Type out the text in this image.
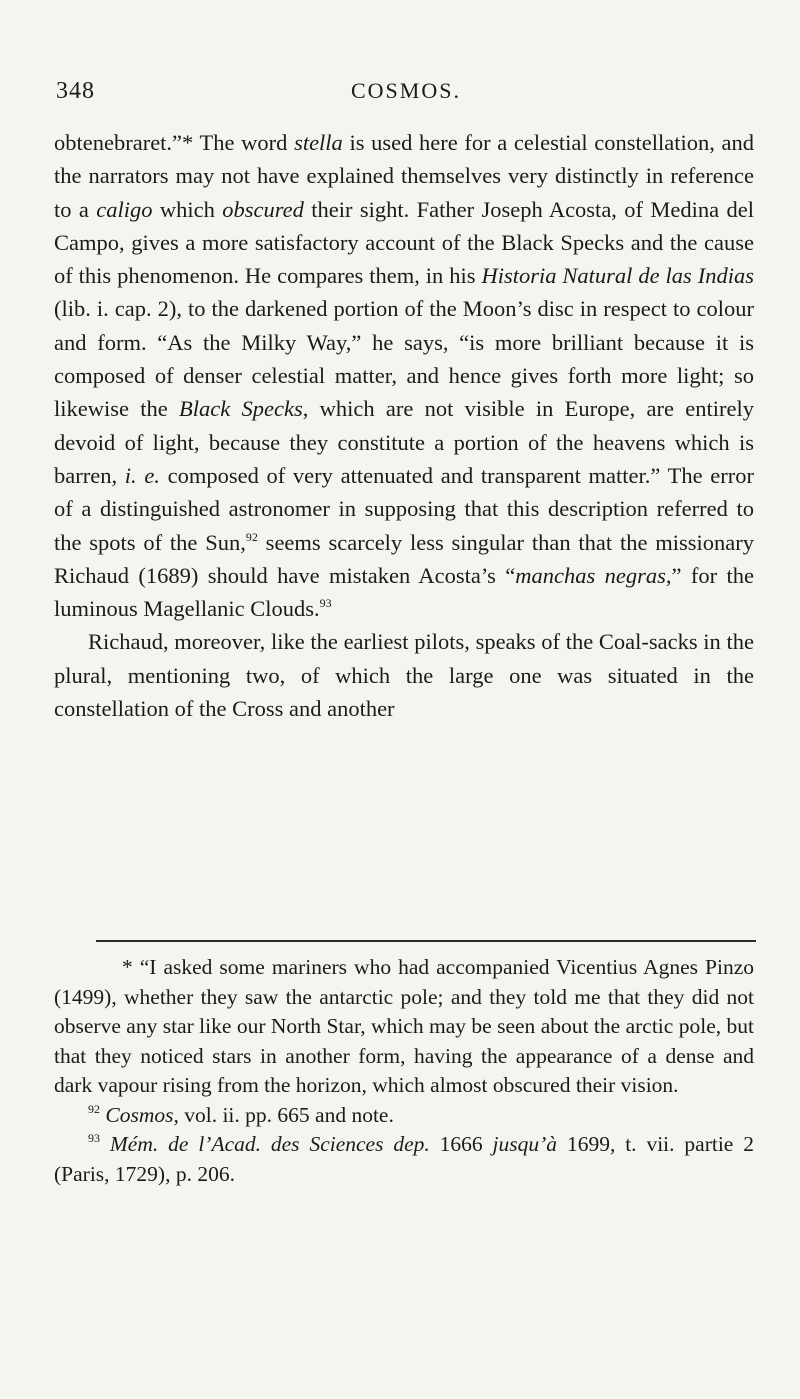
348	COSMOS.

obtenebraret.”* The word stella is used here for a celestial constellation, and the narrators may not have explained themselves very distinctly in reference to a caligo which obscured their sight. Father Joseph Acosta, of Medina del Campo, gives a more satisfactory account of the Black Specks and the cause of this phenomenon. He compares them, in his Historia Natural de las Indias (lib. i. cap. 2), to the darkened portion of the Moon’s disc in respect to colour and form. “As the Milky Way,” he says, “is more brilliant because it is composed of denser celestial matter, and hence gives forth more light; so likewise the Black Specks, which are not visible in Europe, are entirely devoid of light, because they constitute a portion of the heavens which is barren, i. e. composed of very attenuated and transparent matter.” The error of a distinguished astronomer in supposing that this description referred to the spots of the Sun,$^{92}$ seems scarcely less singular than that the missionary Richaud (1689) should have mistaken Acosta’s “manchas negras,” for the luminous Magellanic Clouds.$^{93}$

Richaud, moreover, like the earliest pilots, speaks of the Coal-sacks in the plural, mentioning two, of which the large one was situated in the constellation of the Cross and another

* “I asked some mariners who had accompanied Vicentius Agnes Pinzo (1499), whether they saw the antarctic pole; and they told me that they did not observe any star like our North Star, which may be seen about the arctic pole, but that they noticed stars in another form, having the appearance of a dense and dark vapour rising from the horizon, which almost obscured their vision.

$^{92}$ Cosmos, vol. ii. pp. 665 and note.

$^{93}$ Mém. de l’Acad. des Sciences dep. 1666 jusqu’à 1699, t. vii. partie 2 (Paris, 1729), p. 206.
